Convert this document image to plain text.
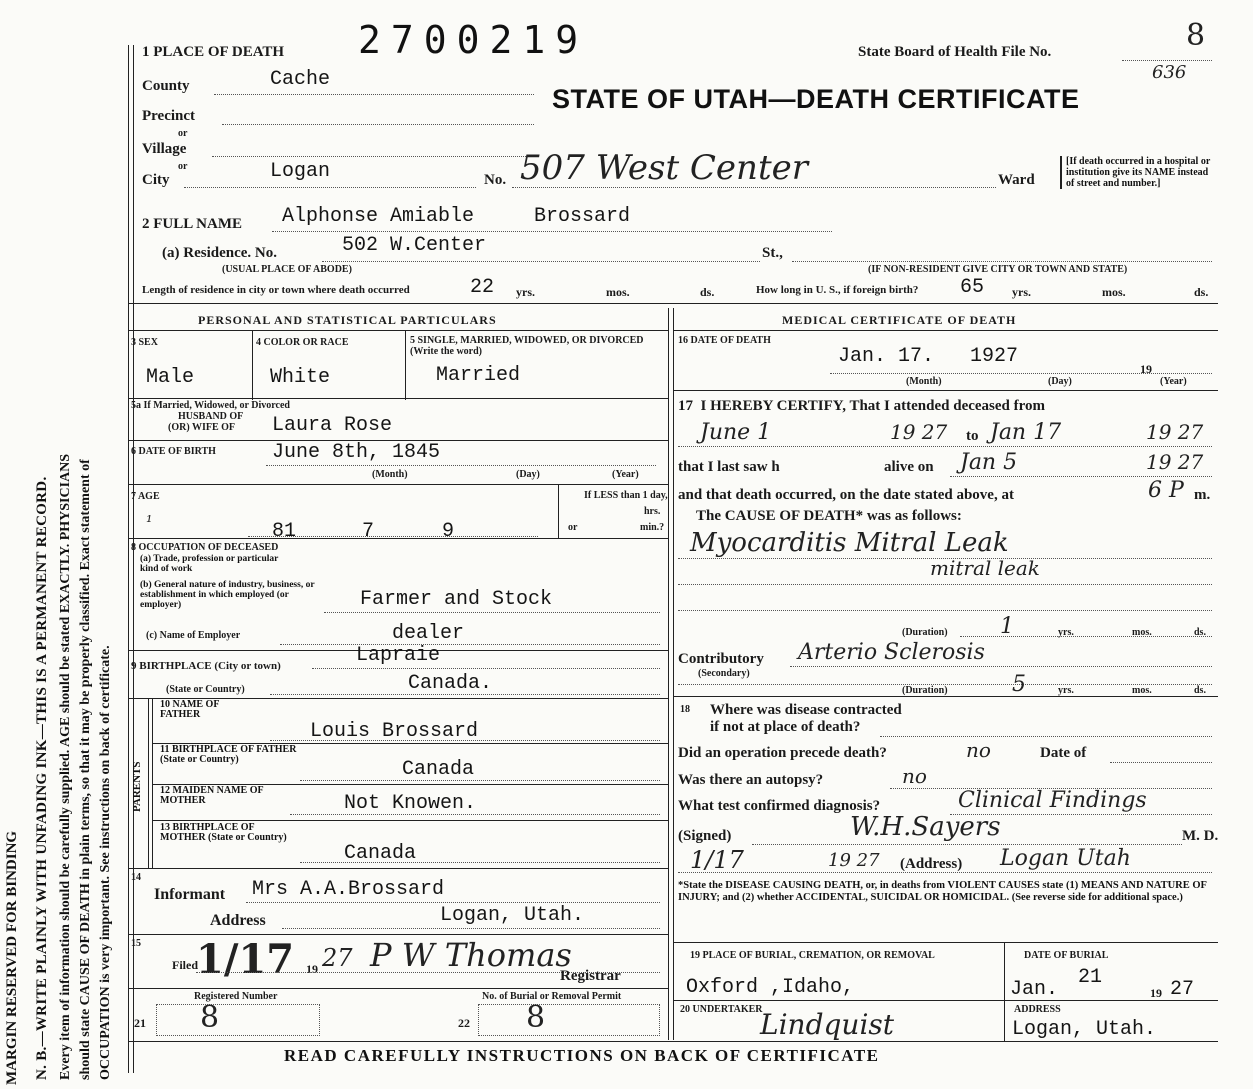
MARGIN RESERVED FOR BINDING N. B.—WRITE PLAINLY WITH UNFADING INK—THIS IS A PERMANENT RECORD. Every item of information should be carefully supplied. AGE should be stated EXACTLY. PHYSICIANS should state CAUSE OF DEATH in plain terms, so that it may be properly classified. Exact statement of OCCUPATION is very important. See instructions on back of certificate.
1 PLACE OF DEATH 2700219	State Board of Health File No.	8
636
STATE OF UTAH—DEATH CERTIFICATE
County	Cache
Precinct
or
Village
or
City	Logan	No. 507 West Center	Ward
[If death occurred in a hospital or institution give its NAME instead of street and number.]
2 FULL NAME Alphonse Amiable     Brossard
(a) Residence. No.	502 W.Center	St.,
(USUAL PLACE OF ABODE)	(IF NON-RESIDENT GIVE CITY OR TOWN AND STATE)
Length of residence in city or town where death occurred	22 yrs.	mos.	ds.	How long in U. S., if foreign birth? 65 yrs.	mos.	ds.
PERSONAL AND STATISTICAL PARTICULARS
3 SEX	4 COLOR OR RACE	5 SINGLE, MARRIED, WIDOWED, OR DIVORCED (Write the word)
Male	White	Married
5a If Married, Widowed, or Divorced
HUSBAND OF
(OR) WIFE OF Laura Rose
6 DATE OF BIRTH	June 8th, 1845
(Month)	(Day)	(Year)
7 AGE
¹	81	7	9
If LESS than 1 day,
hrs.
or	min.?
8 OCCUPATION OF DECEASED
(a) Trade, profession or particular kind of work
(b) General nature of industry, business, or establishment in which employed (or employer)	Farmer and Stock
(c) Name of Employer	dealer
9 BIRTHPLACE (City or town)	Lapraie
(State or Country)	Canada.
PARENTS
10 NAME OF FATHER
Louis Brossard
11 BIRTHPLACE OF FATHER (State or Country)	Canada
12 MAIDEN NAME OF MOTHER	Not Knowen.
13 BIRTHPLACE OF MOTHER (State or Country)
Canada
14
Informant Mrs A.A.Brossard
Address	Logan, Utah.
15
Filed
1/17 19 27 P W Thomas
Registrar
Registered Number	No. of Burial or Removal Permit
21 8	22 8
MEDICAL CERTIFICATE OF DEATH
16 DATE OF DEATH
Jan. 17.   1927
19
(Month)	(Day)	(Year)
17  I HEREBY CERTIFY, That I attended deceased from
June 1	19 27 to Jan 17	19 27
that I last saw h	alive on Jan 5	19 27
and that death occurred, on the date stated above, at	6 P m.
The CAUSE OF DEATH* was as follows:
Myocarditis Mitral Leak
mitral leak
(Duration) 1	yrs.	mos.	ds.
Contributory Arterio Sclerosis
(Secondary)
(Duration)	5	yrs.	mos.	ds.
18 Where was disease contracted
if not at place of death?
Did an operation precede death?	no	Date of
Was there an autopsy?	no
What test confirmed diagnosis?	Clinical Findings
(Signed)	W.H.Sayers	M. D.
1/17	19 27 (Address) Logan Utah
*State the DISEASE CAUSING DEATH, or, in deaths from VIOLENT CAUSES state (1) MEANS AND NATURE OF INJURY; and (2) whether ACCIDENTAL, SUICIDAL OR HOMICIDAL. (See reverse side for additional space.)
19 PLACE OF BURIAL, CREMATION, OR REMOVAL
Oxford ,Idaho,
DATE OF BURIAL
Jan.
21
19 27
20 UNDERTAKER
Lindquist	ADDRESS
Logan, Utah.
READ CAREFULLY INSTRUCTIONS ON BACK OF CERTIFICATE
